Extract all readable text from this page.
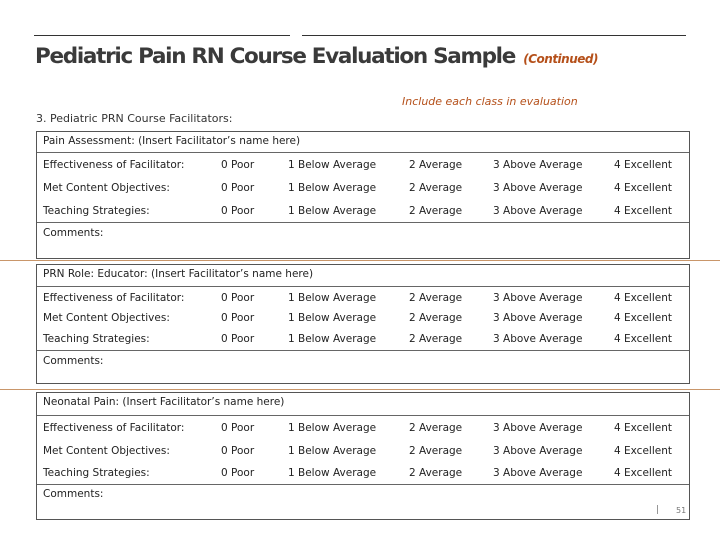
Pediatric Pain RN Course Evaluation Sample (Continued)
Include each class in evaluation
3. Pediatric PRN Course Facilitators:
Pain Assessment: (Insert Facilitator’s name here)
Effectiveness of Facilitator:	0 Poor	1 Below Average	2 Average	3 Above Average	4 Excellent
Met Content Objectives:	0 Poor	1 Below Average	2 Average	3 Above Average	4 Excellent
Teaching Strategies:	0 Poor	1 Below Average	2 Average	3 Above Average	4 Excellent
Comments:
PRN Role: Educator: (Insert Facilitator’s name here)
Effectiveness of Facilitator:	0 Poor	1 Below Average	2 Average	3 Above Average	4 Excellent
Met Content Objectives:	0 Poor	1 Below Average	2 Average	3 Above Average	4 Excellent
Teaching Strategies:	0 Poor	1 Below Average	2 Average	3 Above Average	4 Excellent
Comments:
Neonatal Pain: (Insert Facilitator’s name here)
Effectiveness of Facilitator:	0 Poor	1 Below Average	2 Average	3 Above Average	4 Excellent
Met Content Objectives:	0 Poor	1 Below Average	2 Average	3 Above Average	4 Excellent
Teaching Strategies:	0 Poor	1 Below Average	2 Average	3 Above Average	4 Excellent
Comments:
| 51
